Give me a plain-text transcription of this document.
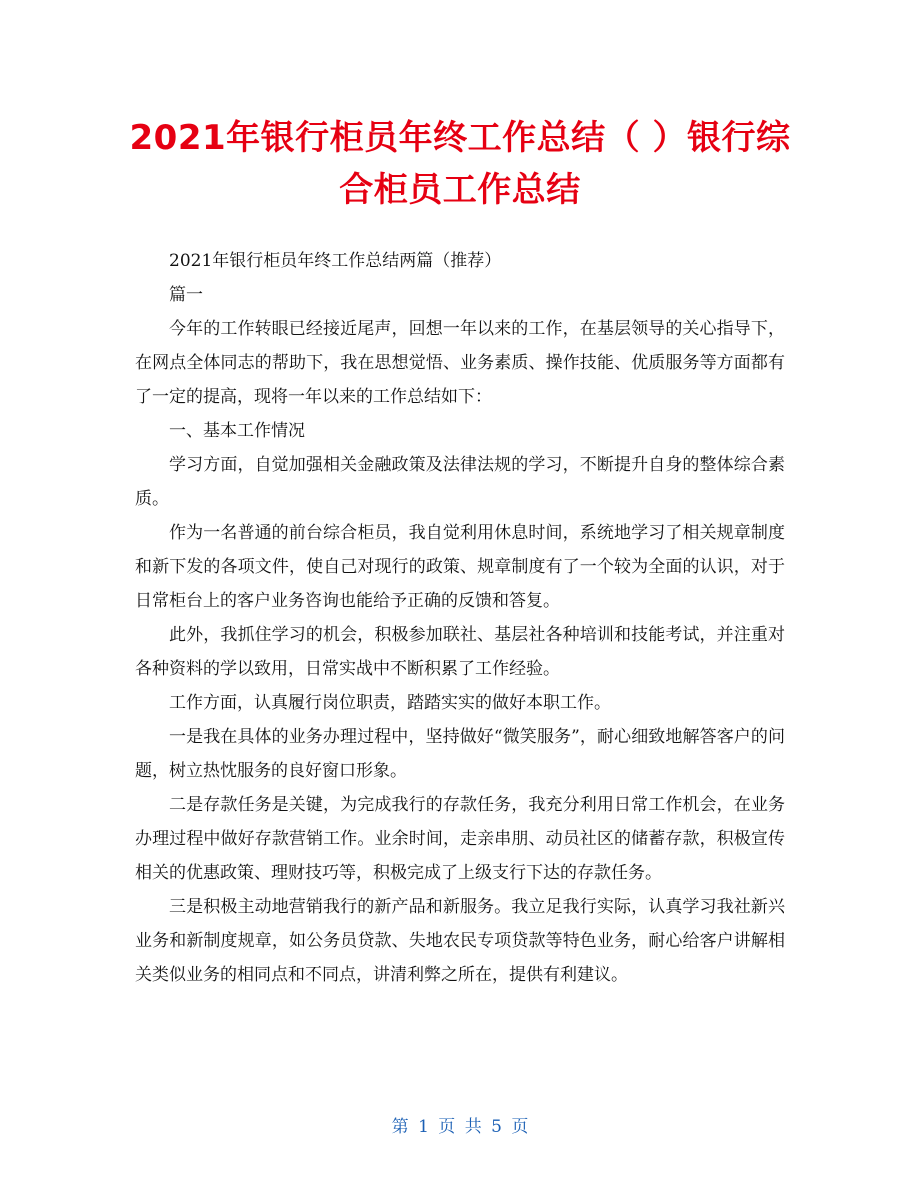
2021年银行柜员年终工作总结（ ）银行综合柜员工作总结

2021年银行柜员年终工作总结两篇（推荐）

篇一

今年的工作转眼已经接近尾声，回想一年以来的工作，在基层领导的关心指导下，在网点全体同志的帮助下，我在思想觉悟、业务素质、操作技能、优质服务等方面都有了一定的提高，现将一年以来的工作总结如下：

一、基本工作情况

学习方面，自觉加强相关金融政策及法律法规的学习，不断提升自身的整体综合素质。

作为一名普通的前台综合柜员，我自觉利用休息时间，系统地学习了相关规章制度和新下发的各项文件，使自己对现行的政策、规章制度有了一个较为全面的认识，对于日常柜台上的客户业务咨询也能给予正确的反馈和答复。

此外，我抓住学习的机会，积极参加联社、基层社各种培训和技能考试，并注重对各种资料的学以致用，日常实战中不断积累了工作经验。

工作方面，认真履行岗位职责，踏踏实实的做好本职工作。

一是我在具体的业务办理过程中，坚持做好“微笑服务”，耐心细致地解答客户的问题，树立热忱服务的良好窗口形象。

二是存款任务是关键，为完成我行的存款任务，我充分利用日常工作机会，在业务办理过程中做好存款营销工作。业余时间，走亲串朋、动员社区的储蓄存款，积极宣传相关的优惠政策、理财技巧等，积极完成了上级支行下达的存款任务。

三是积极主动地营销我行的新产品和新服务。我立足我行实际，认真学习我社新兴业务和新制度规章，如公务员贷款、失地农民专项贷款等特色业务，耐心给客户讲解相关类似业务的相同点和不同点，讲清利弊之所在，提供有利建议。

第 1 页 共 5 页
